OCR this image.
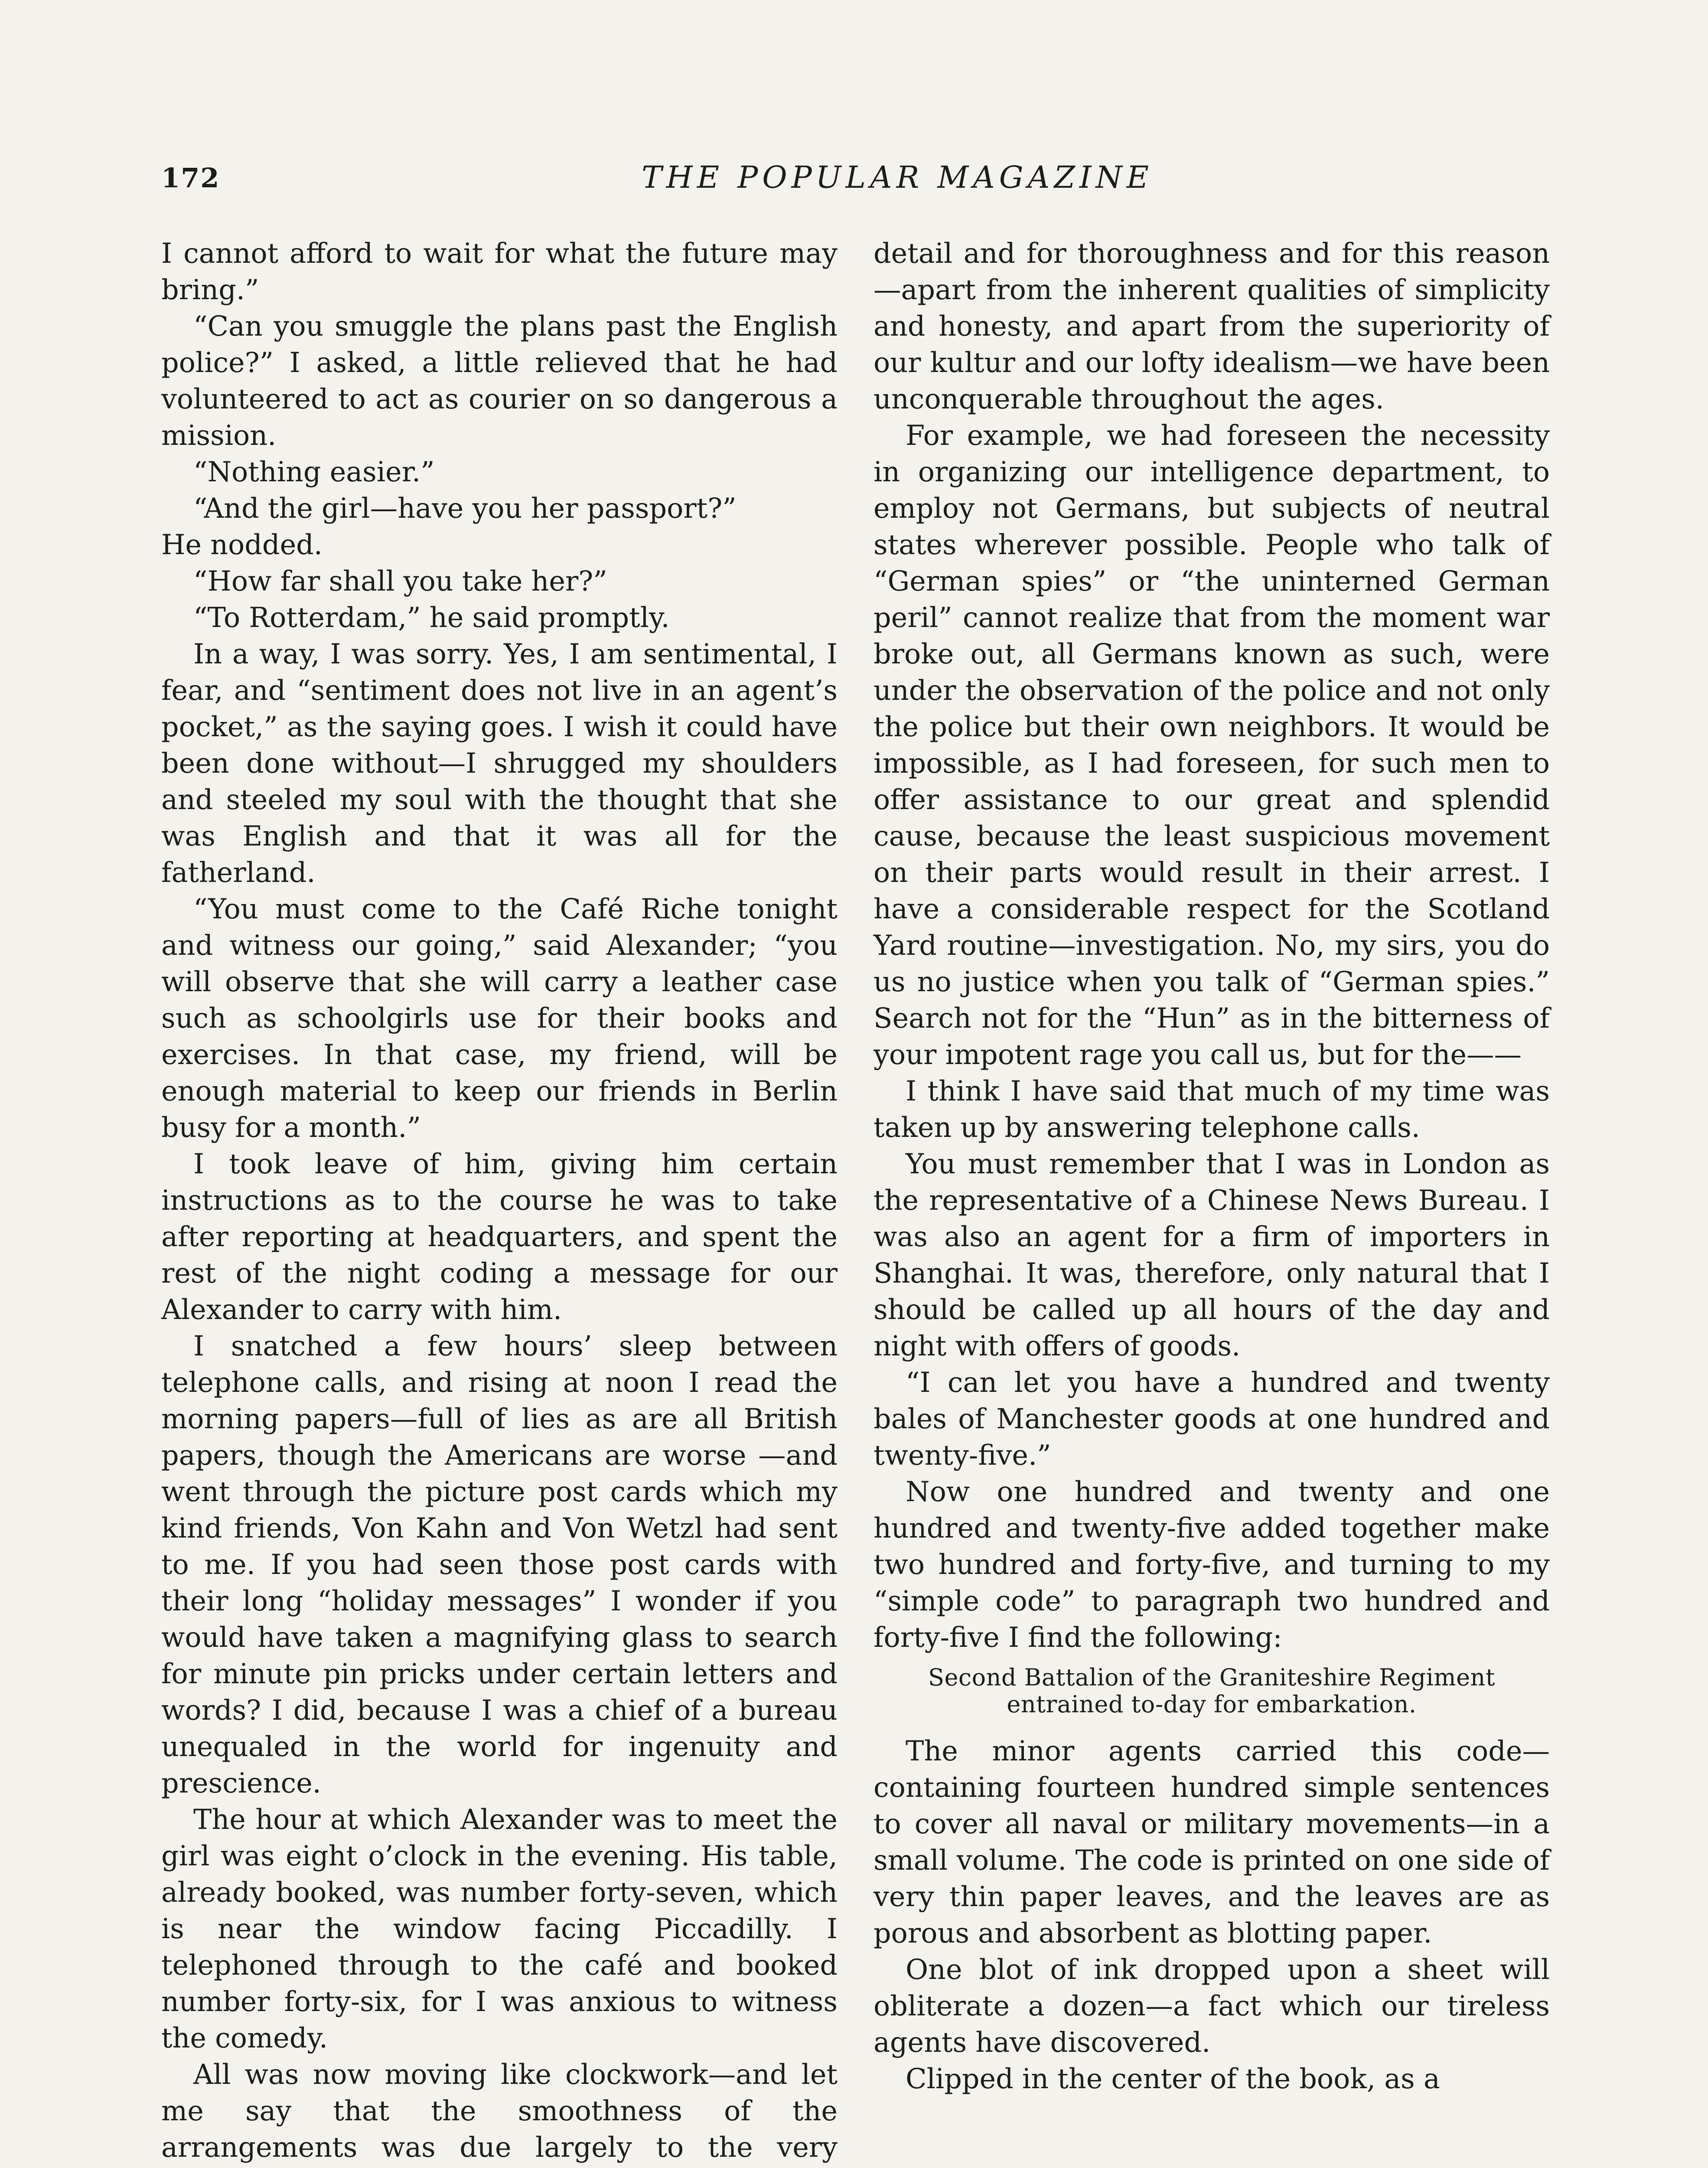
172	THE POPULAR MAGAZINE

I cannot afford to wait for what the future may bring.”

“Can you smuggle the plans past the English police?” I asked, a little relieved that he had volunteered to act as courier on so dangerous a mission.

“Nothing easier.”

“And the girl—have you her passport?”

He nodded.

“How far shall you take her?”

“To Rotterdam,” he said promptly.

In a way, I was sorry. Yes, I am sentimental, I fear, and “sentiment does not live in an agent’s pocket,” as the saying goes. I wish it could have been done without—I shrugged my shoulders and steeled my soul with the thought that she was English and that it was all for the fatherland.

“You must come to the Café Riche tonight and witness our going,” said Alexander; “you will observe that she will carry a leather case such as schoolgirls use for their books and exercises. In that case, my friend, will be enough material to keep our friends in Berlin busy for a month.”

I took leave of him, giving him certain instructions as to the course he was to take after reporting at headquarters, and spent the rest of the night coding a message for our Alexander to carry with him.

I snatched a few hours’ sleep between telephone calls, and rising at noon I read the morning papers—full of lies as are all British papers, though the Americans are worse —and went through the picture post cards which my kind friends, Von Kahn and Von Wetzl had sent to me. If you had seen those post cards with their long “holiday messages” I wonder if you would have taken a magnifying glass to search for minute pin pricks under certain letters and words? I did, because I was a chief of a bureau unequaled in the world for ingenuity and prescience.

The hour at which Alexander was to meet the girl was eight o’clock in the evening. His table, already booked, was number forty-seven, which is near the window facing Piccadilly. I telephoned through to the café and booked number forty-six, for I was anxious to witness the comedy.

All was now moving like clockwork—and let me say that the smoothness of the arrangements was due largely to the very

detail and for thoroughness and for this reason—apart from the inherent qualities of simplicity and honesty, and apart from the superiority of our kultur and our lofty idealism—we have been unconquerable throughout the ages.

For example, we had foreseen the necessity in organizing our intelligence department, to employ not Germans, but subjects of neutral states wherever possible. People who talk of “German spies” or “the uninterned German peril” cannot realize that from the moment war broke out, all Germans known as such, were under the observation of the police and not only the police but their own neighbors. It would be impossible, as I had foreseen, for such men to offer assistance to our great and splendid cause, because the least suspicious movement on their parts would result in their arrest. I have a considerable respect for the Scotland Yard routine—investigation. No, my sirs, you do us no justice when you talk of “German spies.” Search not for the “Hun” as in the bitterness of your impotent rage you call us, but for the——

I think I have said that much of my time was taken up by answering telephone calls.

You must remember that I was in London as the representative of a Chinese News Bureau. I was also an agent for a firm of importers in Shanghai. It was, therefore, only natural that I should be called up all hours of the day and night with offers of goods.

“I can let you have a hundred and twenty bales of Manchester goods at one hundred and twenty-five.”

Now one hundred and twenty and one hundred and twenty-five added together make two hundred and forty-five, and turning to my “simple code” to paragraph two hundred and forty-five I find the following:

Second Battalion of the Graniteshire Regiment
entrained to-day for embarkation.

The minor agents carried this code—containing fourteen hundred simple sentences to cover all naval or military movements—in a small volume. The code is printed on one side of very thin paper leaves, and the leaves are as porous and absorbent as blotting paper.

One blot of ink dropped upon a sheet will obliterate a dozen—a fact which our tireless agents have discovered.

Clipped in the center of the book, as a
